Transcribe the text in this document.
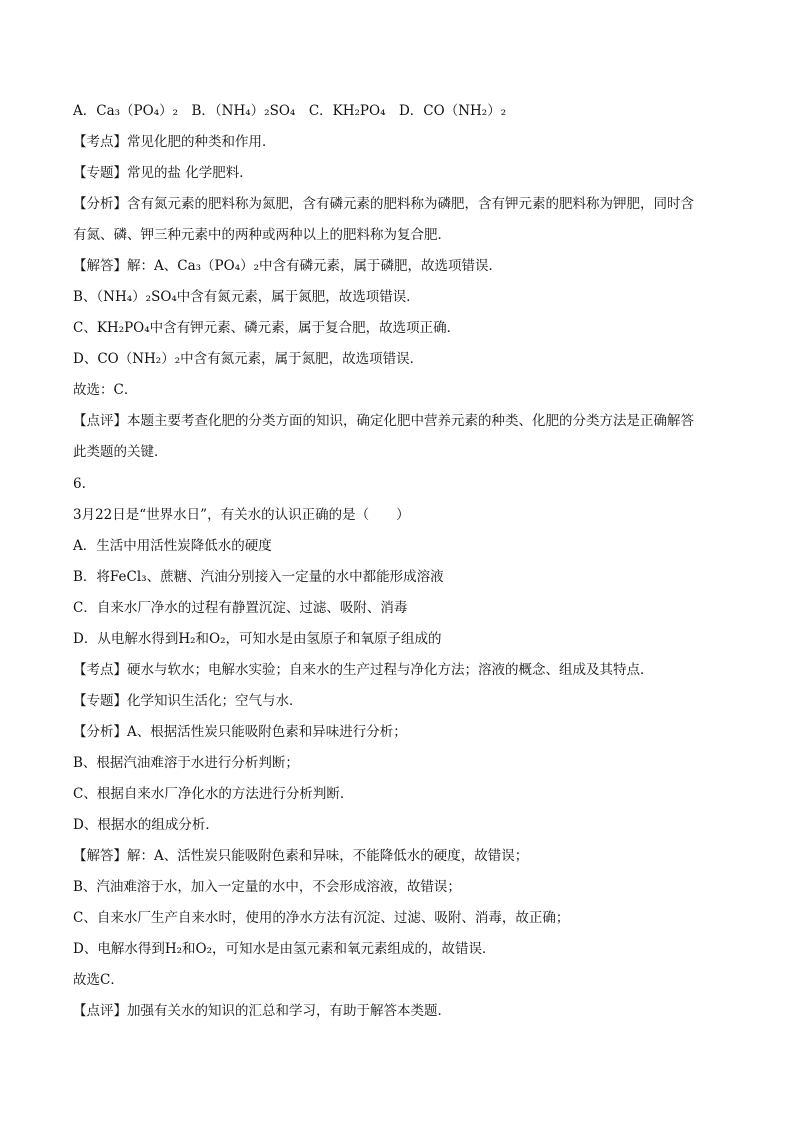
A．Ca₃（PO₄）₂　B．（NH₄）₂SO₄　C．KH₂PO₄　D．CO（NH₂）₂
【考点】常见化肥的种类和作用．
【专题】常见的盐 化学肥料．
【分析】含有氮元素的肥料称为氮肥，含有磷元素的肥料称为磷肥，含有钾元素的肥料称为钾肥，同时含
有氮、磷、钾三种元素中的两种或两种以上的肥料称为复合肥．
【解答】解：A、Ca₃（PO₄）₂中含有磷元素，属于磷肥，故选项错误．
B、（NH₄）₂SO₄中含有氮元素，属于氮肥，故选项错误．
C、KH₂PO₄中含有钾元素、磷元素，属于复合肥，故选项正确．
D、CO（NH₂）₂中含有氮元素，属于氮肥，故选项错误．
故选：C．
【点评】本题主要考查化肥的分类方面的知识，确定化肥中营养元素的种类、化肥的分类方法是正确解答
此类题的关键．
6.
3月22日是“世界水日”，有关水的认识正确的是（　　）
A．生活中用活性炭降低水的硬度
B．将FeCl₃、蔗糖、汽油分别接入一定量的水中都能形成溶液
C．自来水厂净水的过程有静置沉淀、过滤、吸附、消毒
D．从电解水得到H₂和O₂，可知水是由氢原子和氧原子组成的
【考点】硬水与软水；电解水实验；自来水的生产过程与净化方法；溶液的概念、组成及其特点．
【专题】化学知识生活化；空气与水．
【分析】A、根据活性炭只能吸附色素和异味进行分析；
B、根据汽油难溶于水进行分析判断；
C、根据自来水厂净化水的方法进行分析判断．
D、根据水的组成分析．
【解答】解：A、活性炭只能吸附色素和异味，不能降低水的硬度，故错误；
B、汽油难溶于水，加入一定量的水中，不会形成溶液，故错误；
C、自来水厂生产自来水时，使用的净水方法有沉淀、过滤、吸附、消毒，故正确；
D、电解水得到H₂和O₂，可知水是由氢元素和氧元素组成的，故错误．
故选C．
【点评】加强有关水的知识的汇总和学习，有助于解答本类题．
